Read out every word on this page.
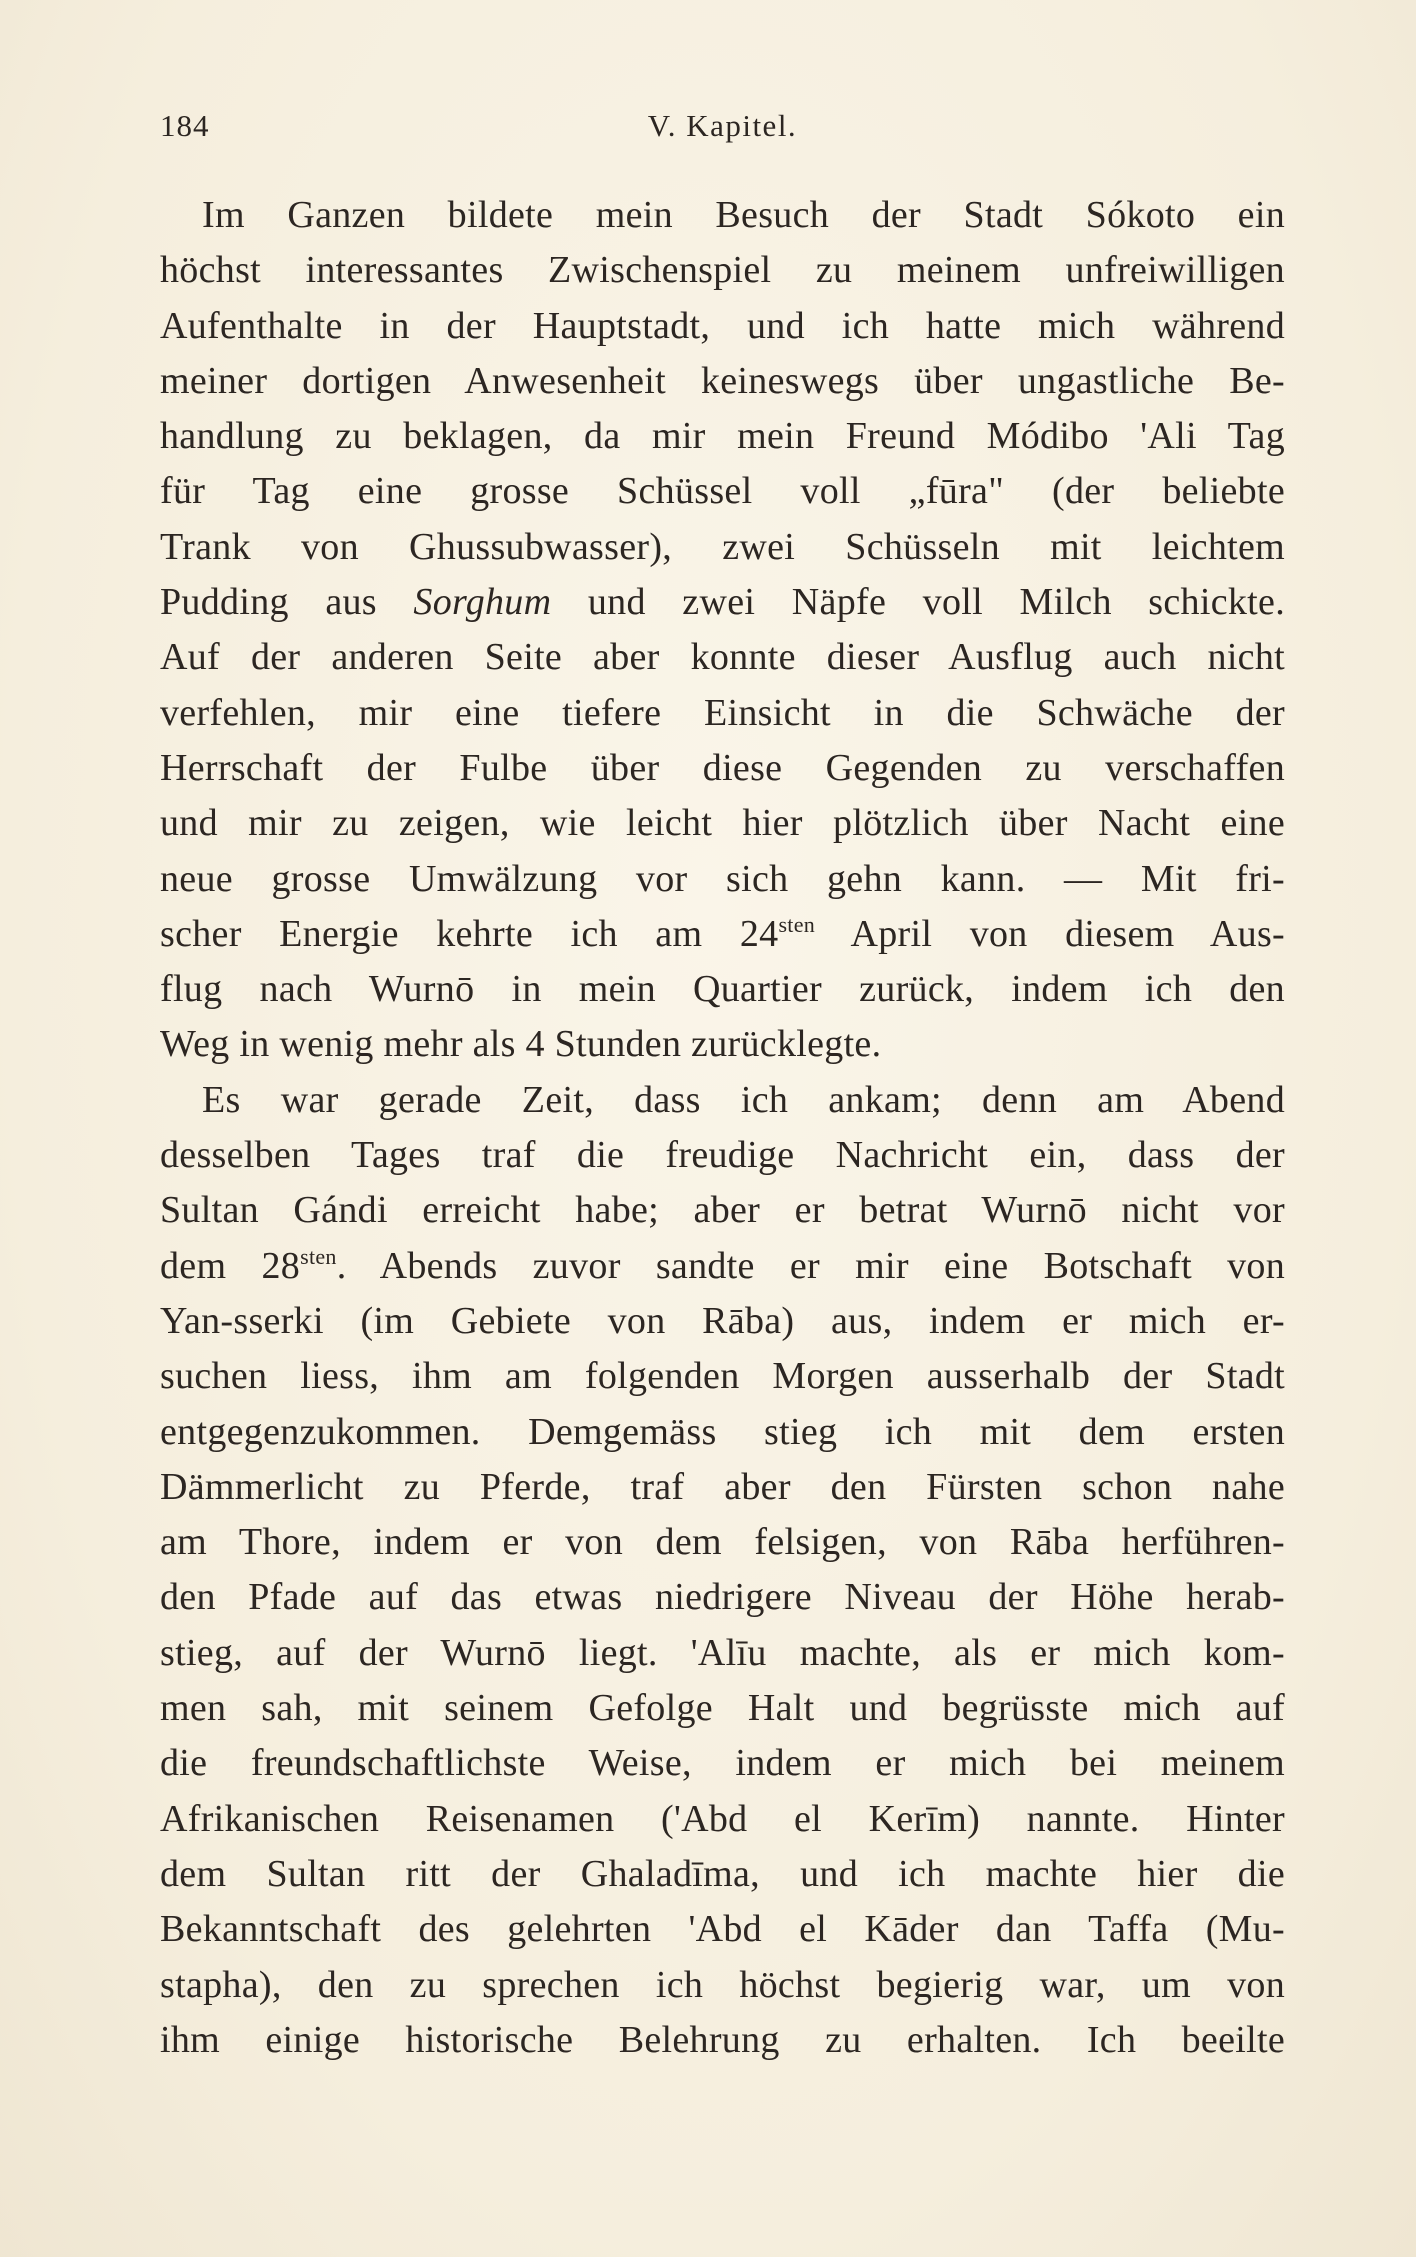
184	V. Kapitel.
Im Ganzen bildete mein Besuch der Stadt Sókoto ein
höchst interessantes Zwischenspiel zu meinem unfreiwilligen
Aufenthalte in der Hauptstadt, und ich hatte mich während
meiner dortigen Anwesenheit keineswegs über ungastliche Be-
handlung zu beklagen, da mir mein Freund Módibo 'Ali Tag
für Tag eine grosse Schüssel voll „fūra" (der beliebte
Trank von Ghussubwasser), zwei Schüsseln mit leichtem
Pudding aus Sorghum und zwei Näpfe voll Milch schickte.
Auf der anderen Seite aber konnte dieser Ausflug auch nicht
verfehlen, mir eine tiefere Einsicht in die Schwäche der
Herrschaft der Fulbe über diese Gegenden zu verschaffen
und mir zu zeigen, wie leicht hier plötzlich über Nacht eine
neue grosse Umwälzung vor sich gehn kann. — Mit fri-
scher Energie kehrte ich am $24^{sten}$ April von diesem Aus-
flug nach Wurnō in mein Quartier zurück, indem ich den
Weg in wenig mehr als 4 Stunden zurücklegte.
Es war gerade Zeit, dass ich ankam; denn am Abend
desselben Tages traf die freudige Nachricht ein, dass der
Sultan Gándi erreicht habe; aber er betrat Wurnō nicht vor
dem $28^{sten}$. Abends zuvor sandte er mir eine Botschaft von
Yan-sserki (im Gebiete von Rāba) aus, indem er mich er-
suchen liess, ihm am folgenden Morgen ausserhalb der Stadt
entgegenzukommen. Demgemäss stieg ich mit dem ersten
Dämmerlicht zu Pferde, traf aber den Fürsten schon nahe
am Thore, indem er von dem felsigen, von Rāba herführen-
den Pfade auf das etwas niedrigere Niveau der Höhe herab-
stieg, auf der Wurnō liegt. 'Alīu machte, als er mich kom-
men sah, mit seinem Gefolge Halt und begrüsste mich auf
die freundschaftlichste Weise, indem er mich bei meinem
Afrikanischen Reisenamen ('Abd el Kerīm) nannte. Hinter
dem Sultan ritt der Ghaladīma, und ich machte hier die
Bekanntschaft des gelehrten 'Abd el Kāder dan Taffa (Mu-
stapha), den zu sprechen ich höchst begierig war, um von
ihm einige historische Belehrung zu erhalten. Ich beeilte
